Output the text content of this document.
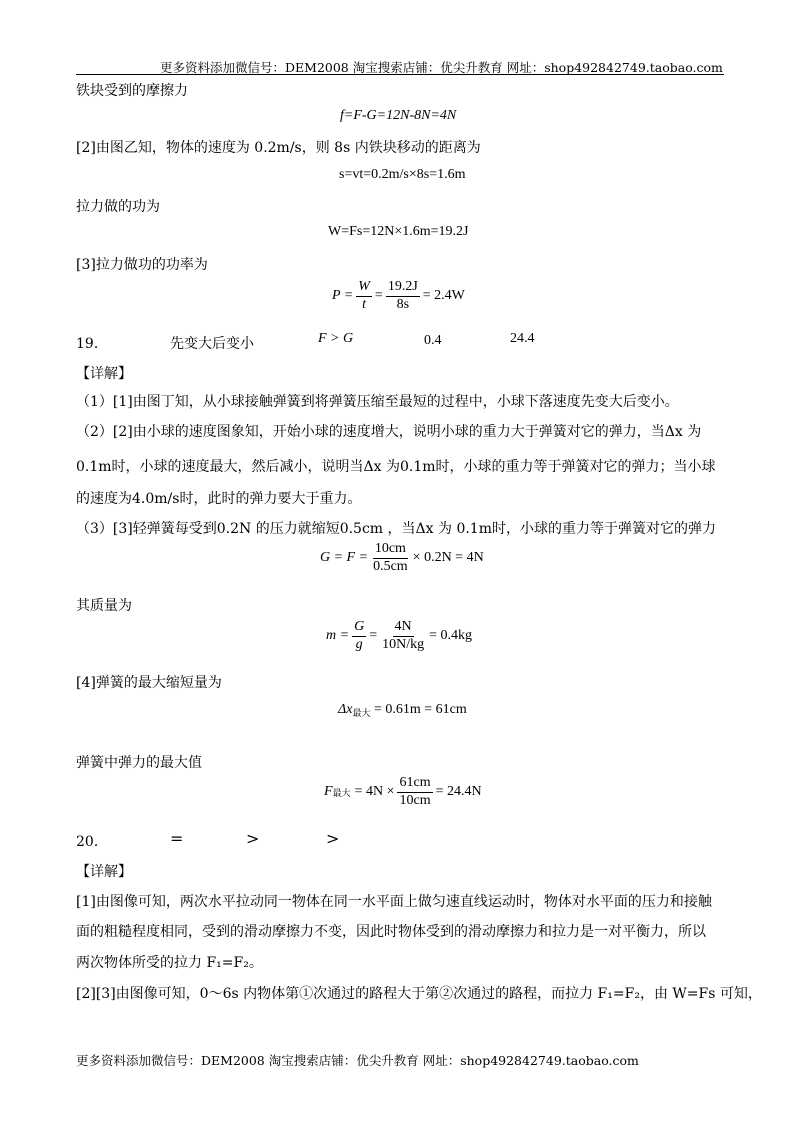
更多资料添加微信号：DEM2008 淘宝搜索店铺：优尖升教育 网址：shop492842749.taobao.com
铁块受到的摩擦力
f=F-G=12N-8N=4N
[2]由图乙知，物体的速度为 0.2m/s，则 8s 内铁块移动的距离为
s=vt=0.2m/s×8s=1.6m
拉力做的功为
W=Fs=12N×1.6m=19.2J
[3]拉力做功的功率为
$P = \frac{W}{t} = \frac{19.2J}{8s} = 2.4W$
19．	先变大后变小	F > G	0.4	24.4
【详解】
（1）[1]由图丁知，从小球接触弹簧到将弹簧压缩至最短的过程中，小球下落速度先变大后变小。
（2）[2]由小球的速度图象知，开始小球的速度增大，说明小球的重力大于弹簧对它的弹力，当Δx 为
0.1m时，小球的速度最大，然后减小，说明当Δx 为0.1m时，小球的重力等于弹簧对它的弹力；当小球
的速度为4.0m/s时，此时的弹力要大于重力。
（3）[3]轻弹簧每受到0.2N 的压力就缩短0.5cm ，当Δx 为 0.1m时，小球的重力等于弹簧对它的弹力
$G = F = \frac{10cm}{0.5cm} \times 0.2N = 4N$
其质量为
$m = \frac{G}{g} = \frac{4N}{10N/kg} = 0.4kg$
[4]弹簧的最大缩短量为
$\Delta x_{最大} = 0.61m = 61cm$
弹簧中弹力的最大值
F 最大 = $4N \times \frac{61cm}{10cm} = 24.4N$
20．	=	>	>
【详解】
[1]由图像可知，两次水平拉动同一物体在同一水平面上做匀速直线运动时，物体对水平面的压力和接触
面的粗糙程度相同，受到的滑动摩擦力不变，因此时物体受到的滑动摩擦力和拉力是一对平衡力，所以
两次物体所受的拉力 F₁=F₂。
[2][3]由图像可知，0～6s 内物体第①次通过的路程大于第②次通过的路程，而拉力 F₁=F₂，由 W=Fs 可知，
更多资料添加微信号：DEM2008 淘宝搜索店铺：优尖升教育 网址：shop492842749.taobao.com
